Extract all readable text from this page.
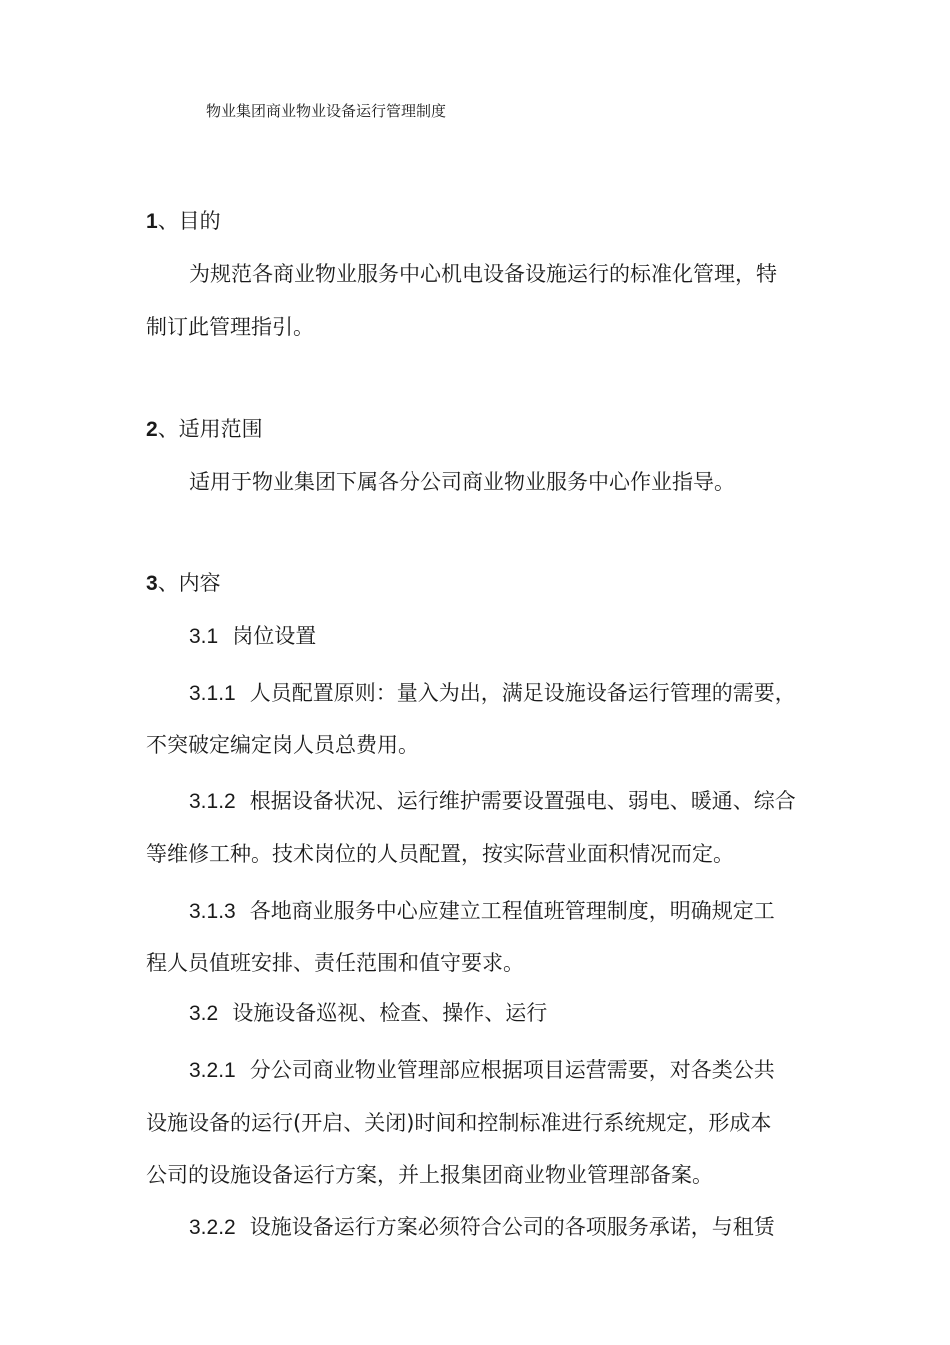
物业集团商业物业设备运行管理制度
1、目的
为规范各商业物业服务中心机电设备设施运行的标准化管理，特
制订此管理指引。
2、适用范围
适用于物业集团下属各分公司商业物业服务中心作业指导。
3、内容
3.1 岗位设置
3.1.1 人员配置原则：量入为出，满足设施设备运行管理的需要，
不突破定编定岗人员总费用。
3.1.2 根据设备状况、运行维护需要设置强电、弱电、暖通、综合
等维修工种。技术岗位的人员配置，按实际营业面积情况而定。
3.1.3 各地商业服务中心应建立工程值班管理制度，明确规定工
程人员值班安排、责任范围和值守要求。
3.2 设施设备巡视、检查、操作、运行
3.2.1 分公司商业物业管理部应根据项目运营需要，对各类公共
设施设备的运行(开启、关闭)时间和控制标准进行系统规定，形成本
公司的设施设备运行方案，并上报集团商业物业管理部备案。
3.2.2 设施设备运行方案必须符合公司的各项服务承诺，与租赁
